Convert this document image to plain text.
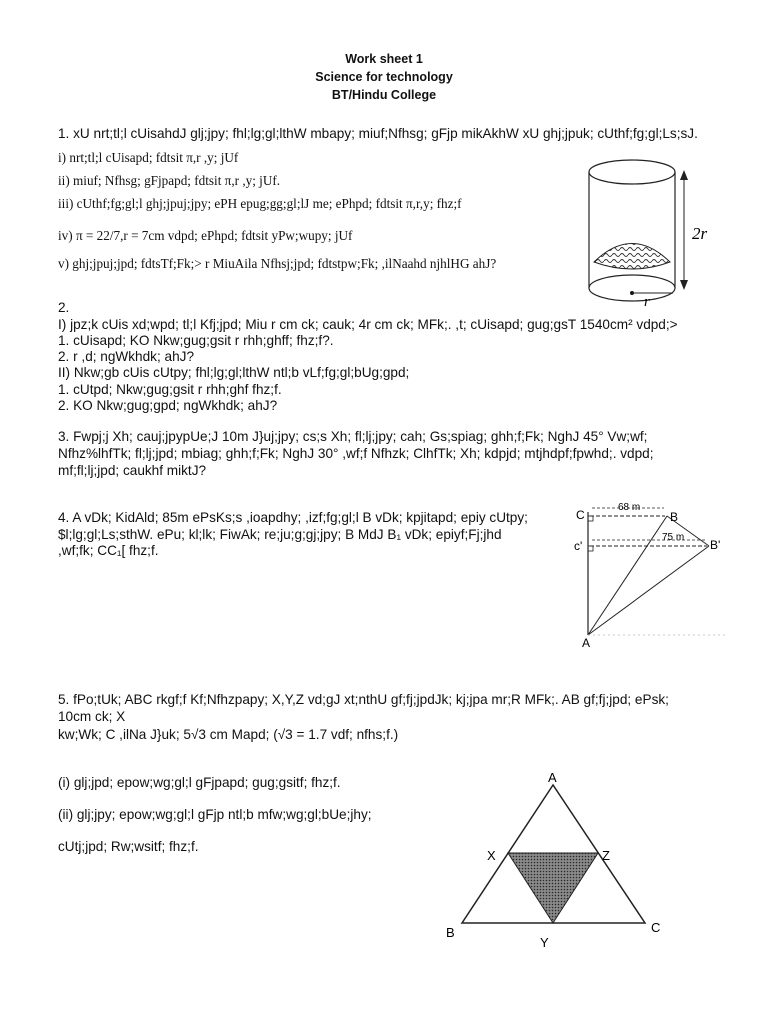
Work sheet 1
Science for technology
BT/Hindu College
1. xU nrt;tl;l cUisahdJ glj;jpy; fhl;lg;gl;lthW mbapy; miuf;Nfhsg; gFjp mikAkhW xU ghj;jpuk; cUthf;fg;gl;Ls;sJ.
i) nrt;tl;l cUisapd; fdtsit π,r ,y; jUf
ii) miuf; Nfhsg; gFjpapd; fdtsit π,r ,y; jUf.
iii) cUthf;fg;gl;l ghj;jpuj;jpy; ePH epug;gg;gl;lJ me; ePhpd; fdtsit π,r,y; fhz;f
iv) π = 22/7,r = 7cm vdpd; ePhpd; fdtsit yPw;wupy; jUf
v) ghj;jpuj;jpd; fdtsTf;Fk;> r MiuAila Nfhsj;jpd; fdtstpw;Fk; ,ilNaahd njhlHG ahJ?
2r
r
2.
I) jpz;k cUis xd;wpd; tl;l Kfj;jpd; Miu r cm ck; cauk; 4r cm ck; MFk;. ,t; cUisapd; gug;gsT 1540cm² vdpd;>
1. cUisapd; KO Nkw;gug;gsit r rhh;ghff; fhz;f?.
2. r ,d; ngWkhdk; ahJ?
II) Nkw;gb cUis cUtpy; fhl;lg;gl;lthW ntl;b vLf;fg;gl;bUg;gpd;
1. cUtpd; Nkw;gug;gsit r rhh;ghf fhz;f.
2. KO Nkw;gug;gpd; ngWkhdk; ahJ?
3. Fwpj;j Xh; cauj;jpypUe;J 10m J}uj;jpy; cs;s Xh; fl;lj;jpy; cah; Gs;spiag; ghh;f;Fk; NghJ 45° Vw;wf;
Nfhz%lhfTk; fl;lj;jpd; mbiag; ghh;f;Fk; NghJ 30° ,wf;f Nfhzk; ClhfTk; Xh; kdpjd; mtjhdpf;fpwhd;. vdpd;
mf;fl;lj;jpd; caukhf miktJ?
4. A vDk; KidAld; 85m ePsKs;s ,ioapdhy; ,izf;fg;gl;l B vDk; kpjitapd; epiy cUtpy;
$l;lg;gl;Ls;sthW. ePu; kl;lk; FiwAk; re;ju;g;gj;jpy; B MdJ B₁ vDk; epiyf;Fj;jhd
,wf;fk; CC₁[ fhz;f.
C
c'
B
B'
A
68 m
75 m
5. fPo;tUk; ABC rkgf;f Kf;Nfhzpapy; X,Y,Z vd;gJ xt;nthU gf;fj;jpdJk; kj;jpa mr;R MFk;. AB gf;fj;jpd; ePsk;
10cm ck; X
kw;Wk; C ,ilNa J}uk; 5√3 cm Mapd; (√3 = 1.7 vdf; nfhs;f.)
(i) glj;jpd; epow;wg;gl;l gFjpapd; gug;gsitf; fhz;f.
(ii) glj;jpy; epow;wg;gl;l gFjp ntl;b mfw;wg;gl;bUe;jhy;
cUtj;jpd; Rw;wsitf; fhz;f.
A
B	C
X	Z
Y
